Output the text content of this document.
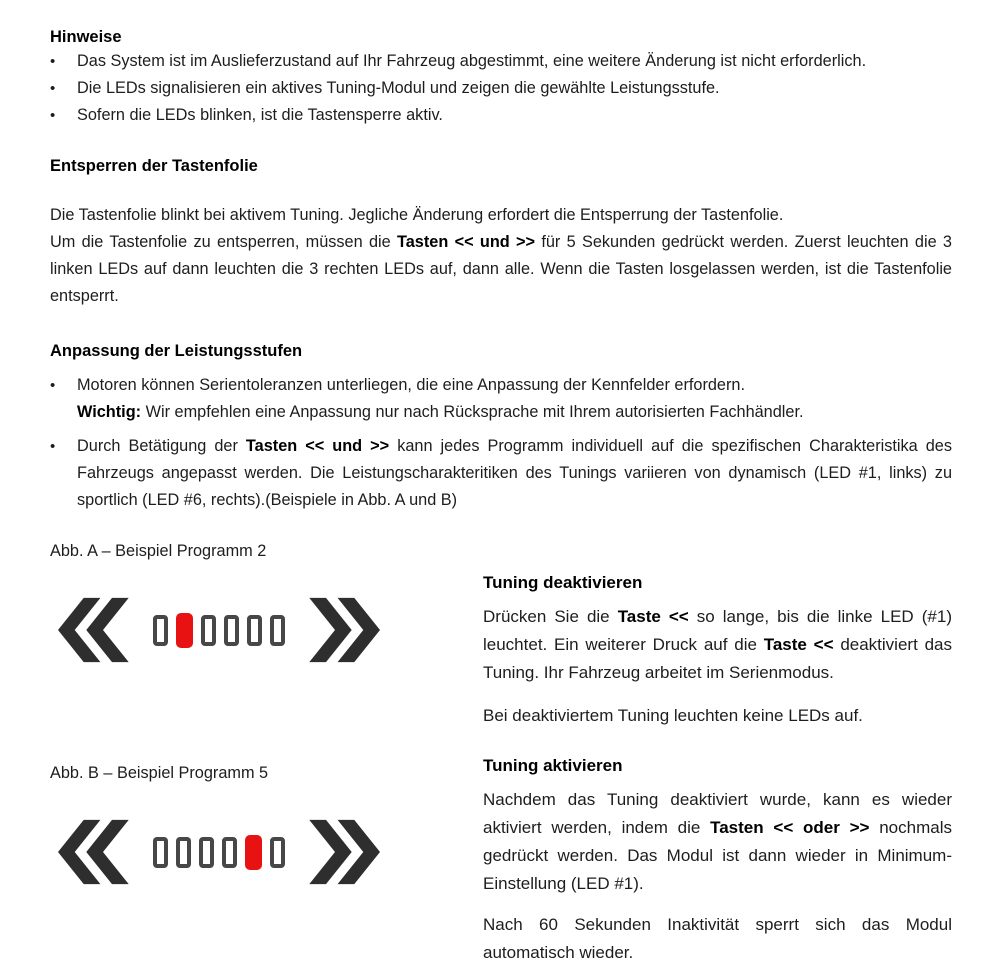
Hinweise

•	Das System ist im Auslieferzustand auf Ihr Fahrzeug abgestimmt, eine weitere Änderung ist nicht erforderlich.
•	Die LEDs signalisieren ein aktives Tuning-Modul und zeigen die gewählte Leistungsstufe.
•	Sofern die LEDs blinken, ist die Tastensperre aktiv.

Entsperren der Tastenfolie

Die Tastenfolie blinkt bei aktivem Tuning. Jegliche Änderung erfordert die Entsperrung der Tastenfolie.
Um die Tastenfolie zu entsperren, müssen die Tasten << und >> für 5 Sekunden gedrückt werden. Zuerst leuchten die 3 linken LEDs auf dann leuchten die 3 rechten LEDs auf, dann alle. Wenn die Tasten losgelassen werden, ist die Tastenfolie entsperrt.

Anpassung der Leistungsstufen

•	Motoren können Serientoleranzen unterliegen, die eine Anpassung der Kennfelder erfordern.
Wichtig: Wir empfehlen eine Anpassung nur nach Rücksprache mit Ihrem autorisierten Fachhändler.
•	Durch Betätigung der Tasten << und >> kann jedes Programm individuell auf die spezifischen Charakteristika des Fahrzeugs angepasst werden. Die Leistungscharakteritiken des Tunings variieren von dynamisch (LED #1, links) zu sportlich (LED #6, rechts).(Beispiele in Abb. A und B)
Abb. A – Beispiel Programm 2
Abb. B – Beispiel Programm 5

Tuning deaktivieren

Drücken Sie die Taste << so lange, bis die linke LED (#1) leuchtet. Ein weiterer Druck auf die Taste << deaktiviert das Tuning. Ihr Fahrzeug arbeitet im Serienmodus.

Bei deaktiviertem Tuning leuchten keine LEDs auf.

Tuning aktivieren

Nachdem das Tuning deaktiviert wurde, kann es wieder aktiviert werden, indem die Tasten << oder >> nochmals gedrückt werden. Das Modul ist dann wieder in Minimum-Einstellung (LED #1).

Nach 60 Sekunden Inaktivität sperrt sich das Modul automatisch wieder.
